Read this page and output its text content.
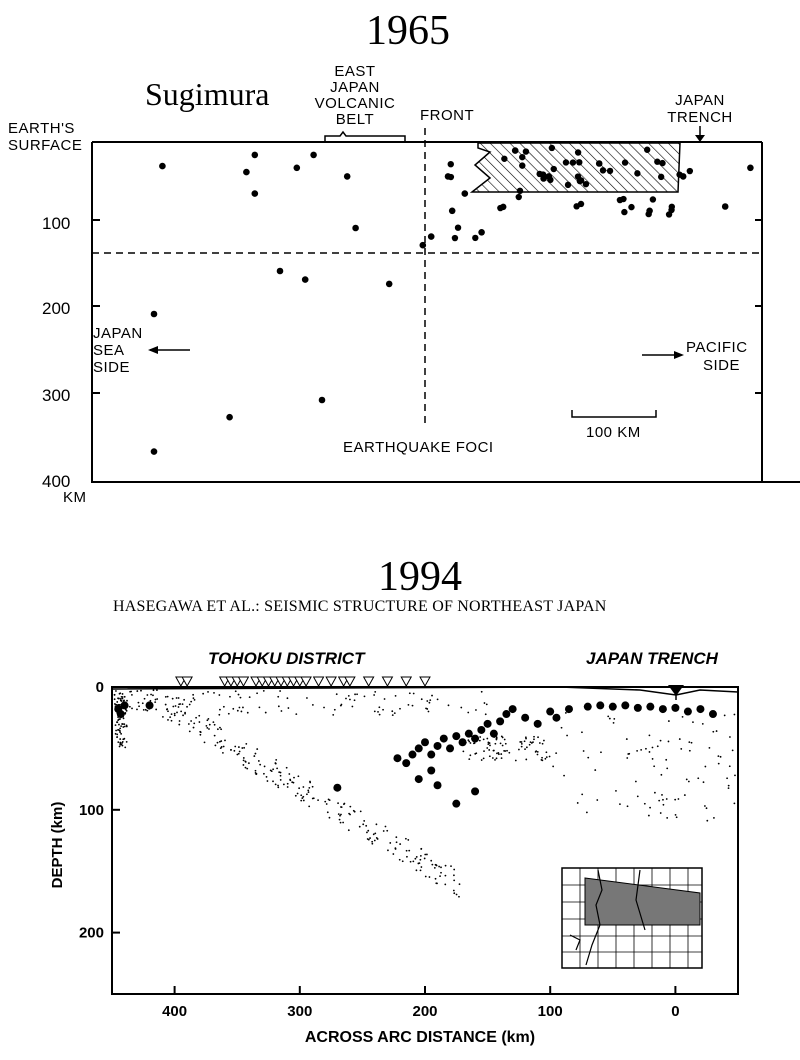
1965
Sugimura
EARTH'S
SURFACE
EAST
JAPAN
VOLCANIC
BELT	FRONT
JAPAN
TRENCH
JAPAN
SEA
SIDE
PACIFIC
SIDE
EARTHQUAKE FOCI
100 KM
KM
100
200
300
400
1994
HASEGAWA ET AL.: SEISMIC STRUCTURE OF NORTHEAST JAPAN
TOHOKU DISTRICT	JAPAN TRENCH
0
100
200
400	300	200	100	0
ACROSS ARC DISTANCE (km)
DEPTH (km)
